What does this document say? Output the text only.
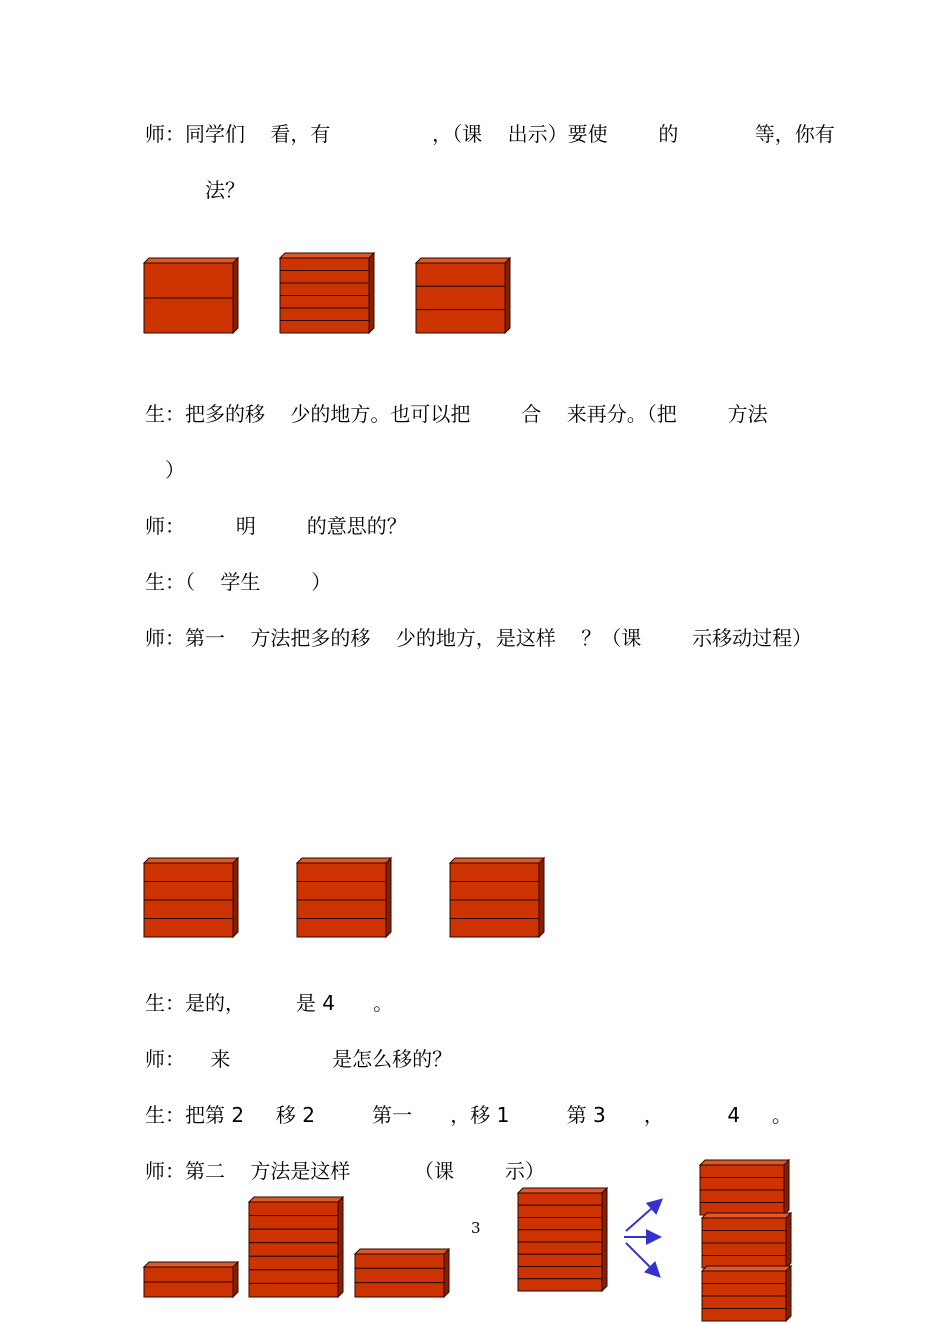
师：同学们    看，有                ，（课    出示）要使        的            等，你有
法？
生：把多的移    少的地方。也可以把        合    来再分。（把        方法
）
师：        明        的意思的？
生：（    学生        ）
师：第一    方法把多的移    少的地方，是这样    ？（课        示移动过程）
生：是的，        是 4      。
师：    来                是怎么移的？
生：把第 2     移 2         第一      ，移 1         第 3      ，          4     。
师：第二    方法是这样          （课        示）
3
